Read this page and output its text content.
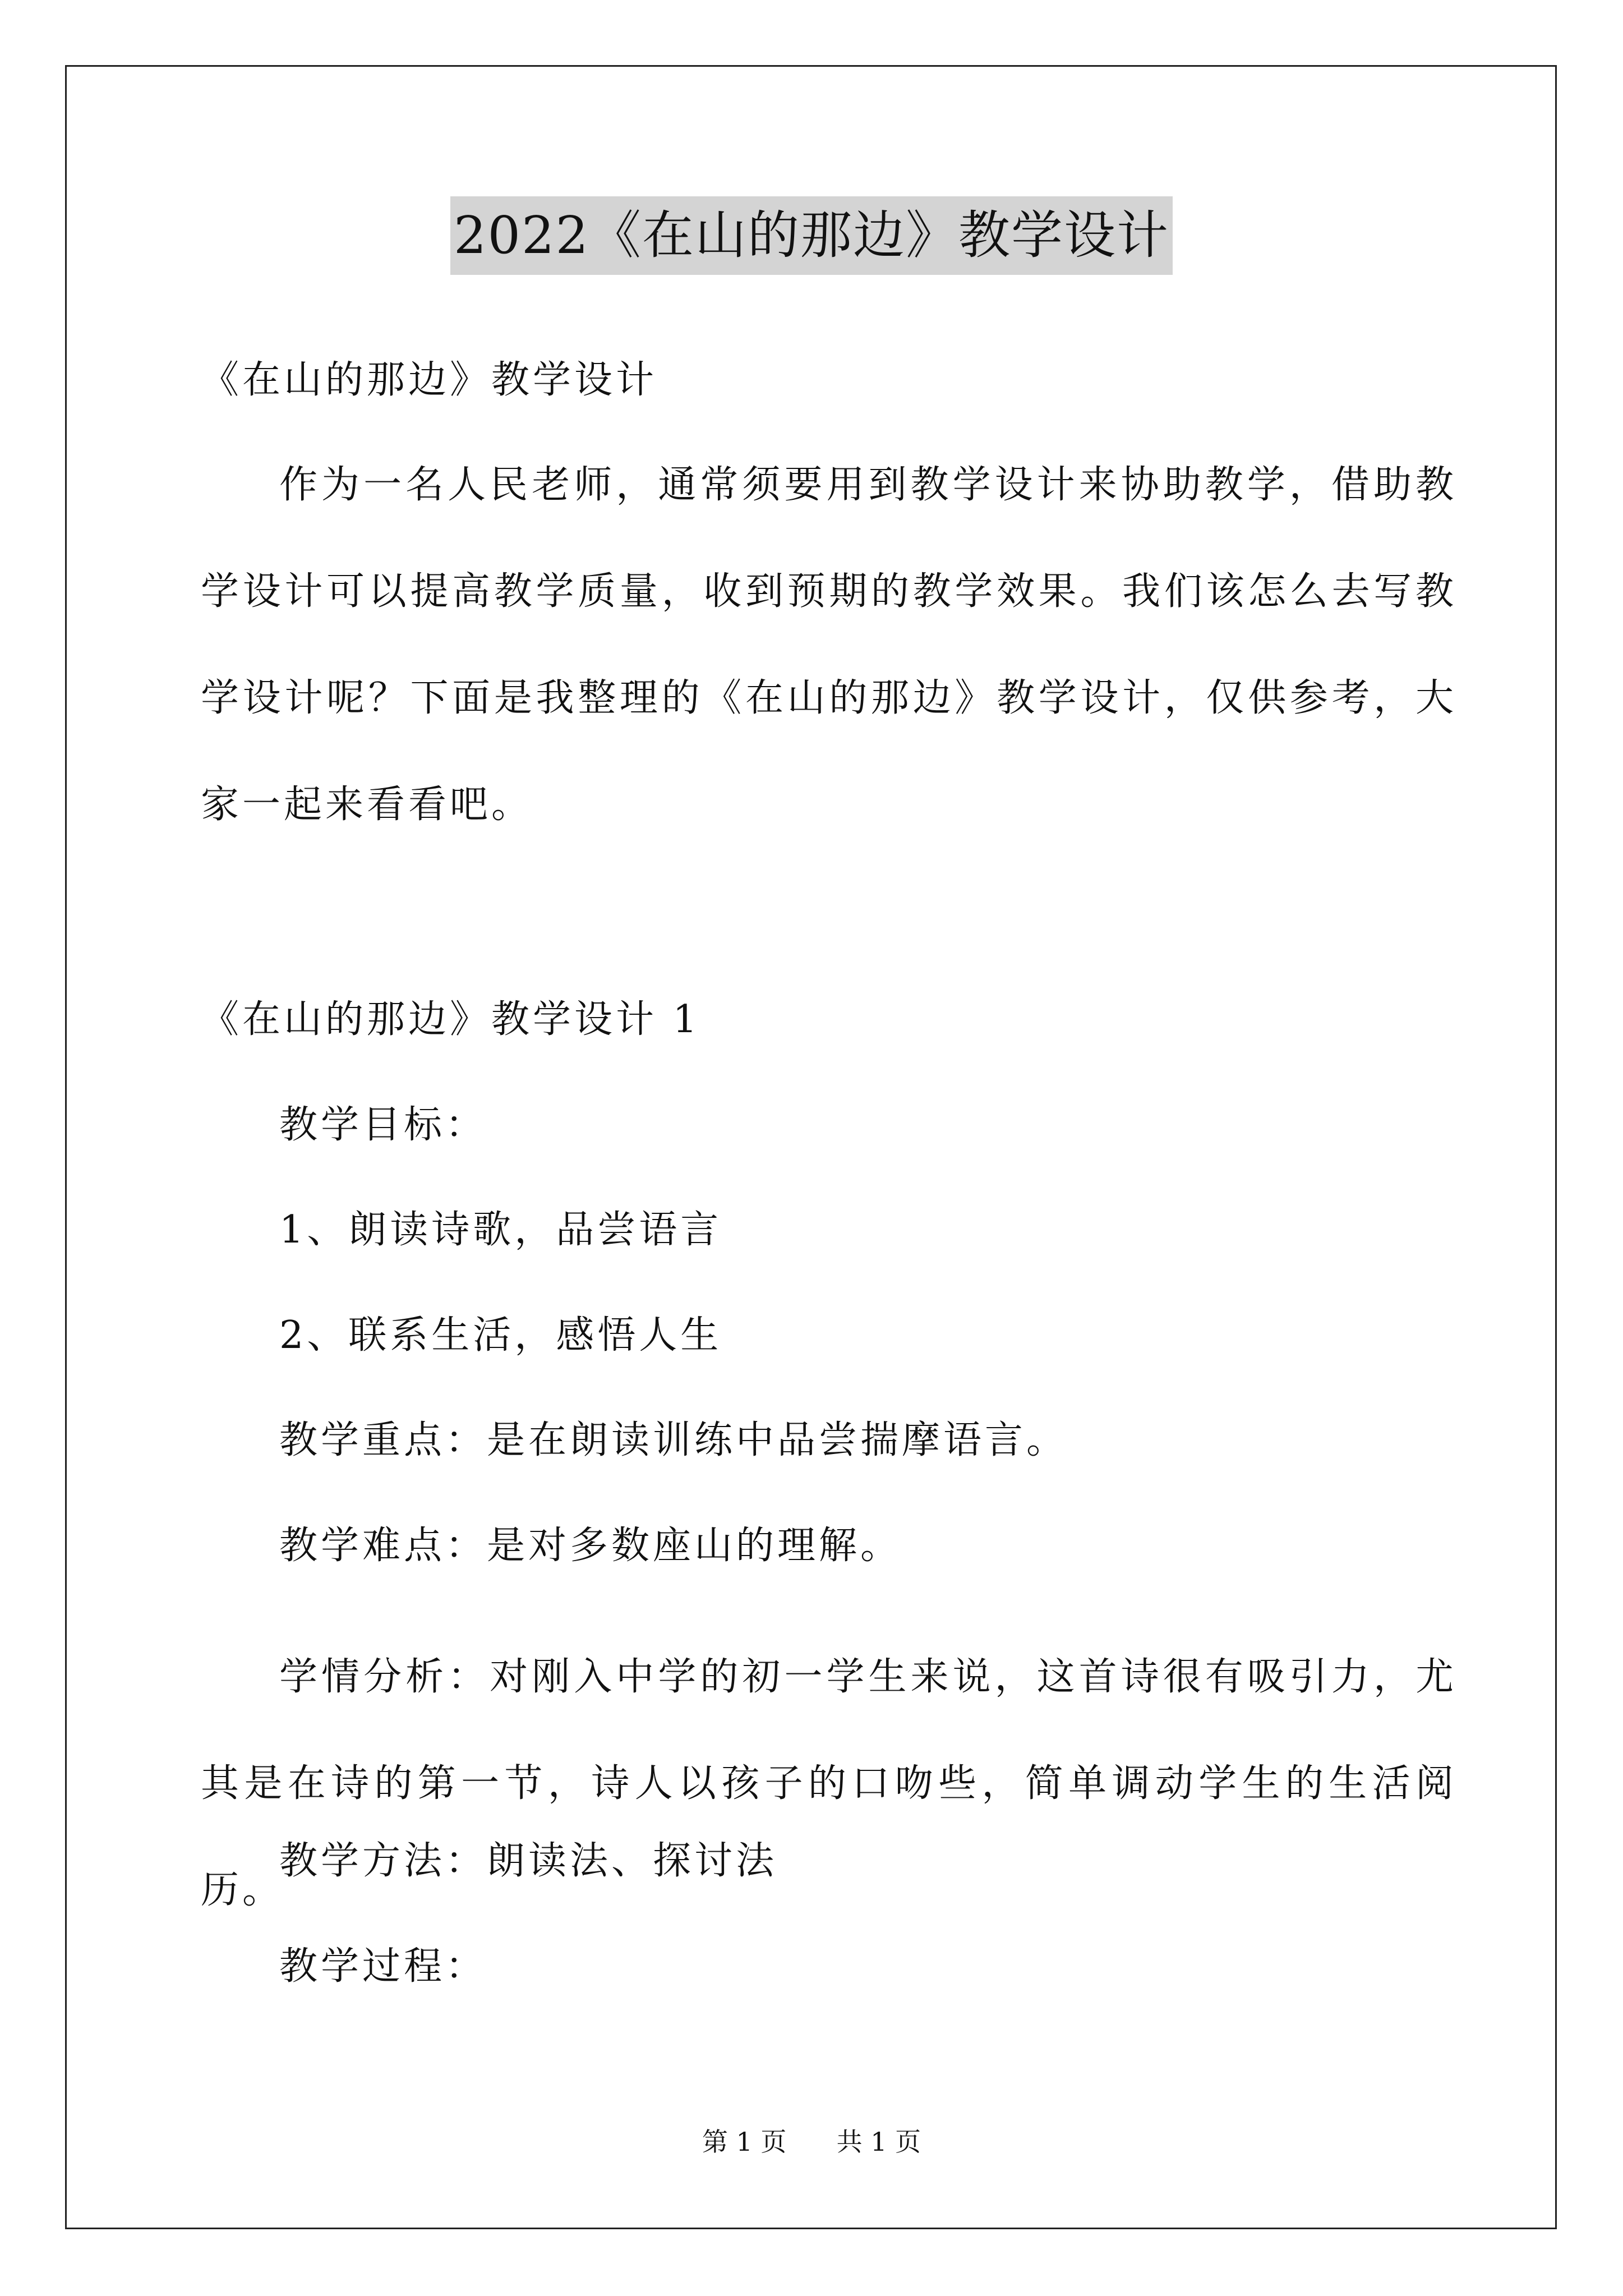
2022《在山的那边》教学设计

《在山的那边》教学设计

作为一名人民老师，通常须要用到教学设计来协助教学，借助教学设计可以提高教学质量，收到预期的教学效果。我们该怎么去写教学设计呢？下面是我整理的《在山的那边》教学设计，仅供参考，大家一起来看看吧。

《在山的那边》教学设计 1

教学目标：

1、朗读诗歌，品尝语言

2、联系生活，感悟人生

教学重点：是在朗读训练中品尝揣摩语言。

教学难点：是对多数座山的理解。

学情分析：对刚入中学的初一学生来说，这首诗很有吸引力，尤其是在诗的第一节，诗人以孩子的口吻些，简单调动学生的生活阅历。

教学方法：朗读法、探讨法

教学过程：

第 1 页 共 1 页
